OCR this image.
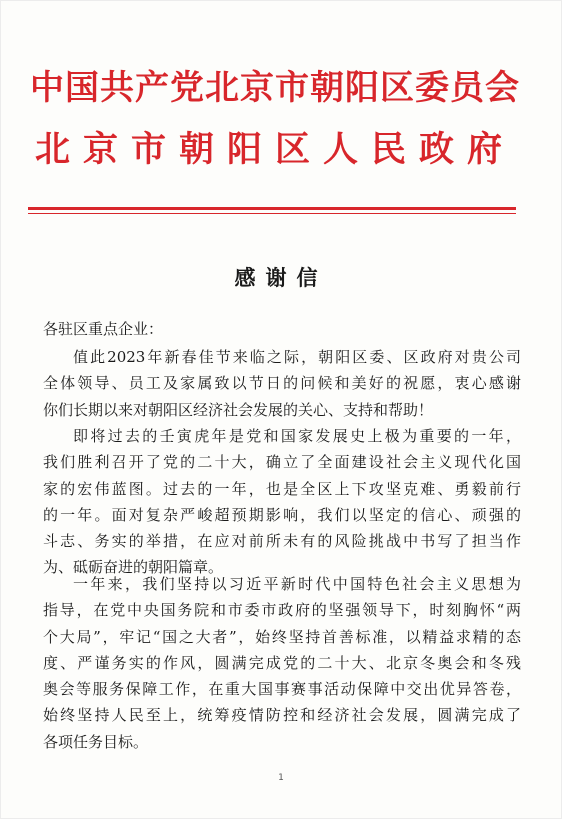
中国共产党北京市朝阳区委员会
北京市朝阳区人民政府
感谢信
各驻区重点企业：
值此2023年新春佳节来临之际，朝阳区委、区政府对贵公司
全体领导、员工及家属致以节日的问候和美好的祝愿，衷心感谢
你们长期以来对朝阳区经济社会发展的关心、支持和帮助！
即将过去的壬寅虎年是党和国家发展史上极为重要的一年，
我们胜利召开了党的二十大，确立了全面建设社会主义现代化国
家的宏伟蓝图。过去的一年，也是全区上下攻坚克难、勇毅前行
的一年。面对复杂严峻超预期影响，我们以坚定的信心、顽强的
斗志、务实的举措，在应对前所未有的风险挑战中书写了担当作
为、砥砺奋进的朝阳篇章。
一年来，我们坚持以习近平新时代中国特色社会主义思想为
指导，在党中央国务院和市委市政府的坚强领导下，时刻胸怀“两
个大局”，牢记“国之大者”，始终坚持首善标准，以精益求精的态
度、严谨务实的作风，圆满完成党的二十大、北京冬奥会和冬残
奥会等服务保障工作，在重大国事赛事活动保障中交出优异答卷，
始终坚持人民至上，统筹疫情防控和经济社会发展，圆满完成了
各项任务目标。
1
